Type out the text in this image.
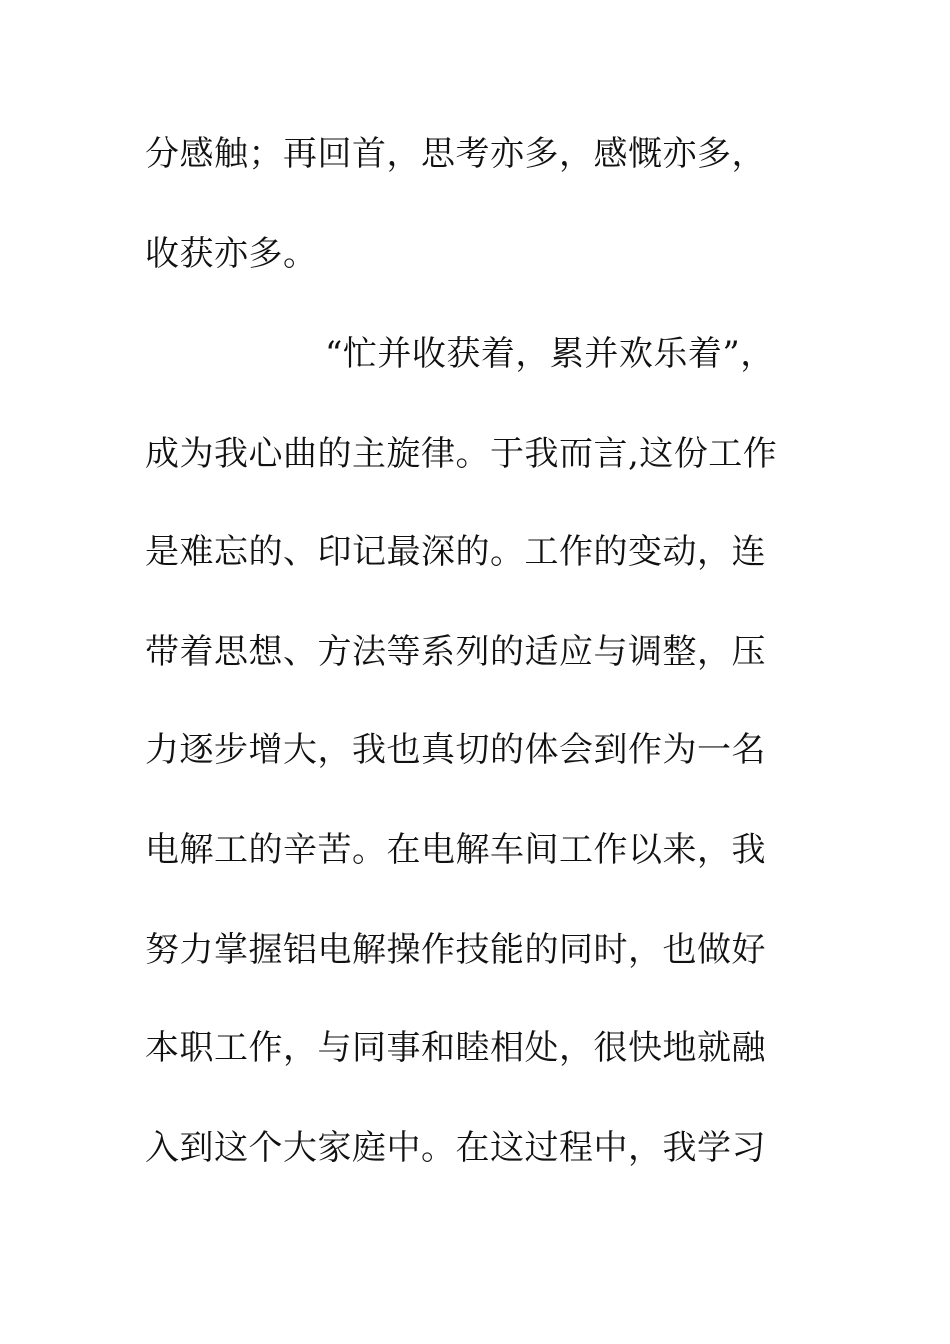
分感触；再回首，思考亦多，感慨亦多，
收获亦多。
“忙并收获着，累并欢乐着”，
成为我心曲的主旋律。于我而言,这份工作
是难忘的、印记最深的。工作的变动，连
带着思想、方法等系列的适应与调整，压
力逐步增大，我也真切的体会到作为一名
电解工的辛苦。在电解车间工作以来，我
努力掌握铝电解操作技能的同时，也做好
本职工作，与同事和睦相处，很快地就融
入到这个大家庭中。在这过程中，我学习
